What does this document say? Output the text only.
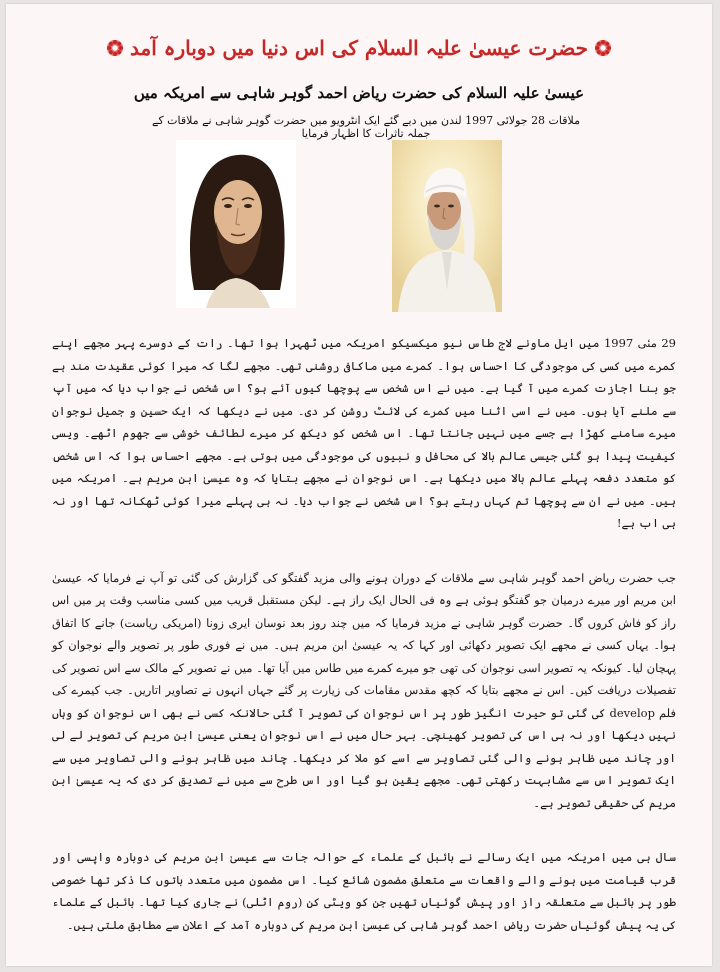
حضرت عیسیٰ علیہ السلام کی اس دنیا میں دوبارہ آمد
عیسیٰ علیہ السلام کی حضرت ریاض احمد گوہر شاہی سے امریکہ میں
ملاقات 28 جولائی 1997 لندن میں دیے گئے ایک انٹرویو میں حضرت گوہر شاہی نے ملاقات کے جملہ تاثرات کا اظہار فرمایا

29 مئی 1997 میں ایل ماونے لاج طاس نیو میکسیکو امریکہ میں ٹھہرا ہوا تھا۔ رات کے دوسرے پہر مجھے اپنے کمرے میں کسی کی موجودگی کا احساس ہوا۔ کمرے میں ماکافی روشنی تھی۔ مجھے لگا کہ میرا کوئی عقیدت مند ہے جو بنا اجازت کمرے میں آ گیا ہے۔ میں نے اس شخص سے پوچھا کیوں آئے ہو؟ اس شخص نے جواب دیا کہ میں آپ سے ملنے آیا ہوں۔ میں نے اسی اثنا میں کمرے کی لائٹ روشن کر دی۔ میں نے دیکھا کہ ایک حسین و جمیل نوجوان میرے سامنے کھڑا ہے جسے میں نہیں جانتا تھا۔ اس شخص کو دیکھ کر میرے لطائف خوشی سے جھوم اٹھے۔ ویسی کیفیت پیدا ہو گئی جیسی عالم بالا کی محافل و نبیوں کی موجودگی میں ہوتی ہے۔ مجھے احساس ہوا کہ اس شخص کو متعدد دفعہ پہلے عالم بالا میں دیکھا ہے۔ اس نوجوان نے مجھے بتایا کہ وہ عیسیٰ ابن مریم ہے۔ امریکہ میں ہیں۔ میں نے ان سے پوچھا تم کہاں رہتے ہو؟ اس شخص نے جواب دیا۔ نہ ہی پہلے میرا کوئی ٹھکانہ تھا اور نہ ہی اب ہے!

جب حضرت ریاض احمد گوہر شاہی سے ملاقات کے دوران ہونے والی مزید گفتگو کی گزارش کی گئی تو آپ نے فرمایا کہ عیسیٰ ابن مریم اور میرے درمیان جو گفتگو ہوئی ہے وہ فی الحال ایک راز ہے۔ لیکن مستقبل قریب میں کسی مناسب وقت پر میں اس راز کو فاش کروں گا۔ حضرت گوہر شاہی نے مزید فرمایا کہ میں چند روز بعد نوسان ایری زونا (امریکی ریاست) جانے کا اتفاق ہوا۔ یہاں کسی نے مجھے ایک تصویر دکھائی اور کہا کہ یہ عیسیٰ ابن مریم ہیں۔ میں نے فوری طور پر تصویر والے نوجوان کو پہچان لیا۔ کیونکہ یہ تصویر اسی نوجوان کی تھی جو میرے کمرے میں طاس میں آیا تھا۔ میں نے تصویر کے مالک سے اس تصویر کی تفصیلات دریافت کیں۔ اس نے مجھے بتایا کہ کچھ مقدس مقامات کی زیارت پر گئے جہاں انہوں نے تصاویر اتاریں۔ جب کیمرے کی فلم develop کی گئی تو حیرت انگیز طور پر اس نوجوان کی تصویر آ گئی حالانکہ کسی نے بھی اس نوجوان کو وہاں نہیں دیکھا اور نہ ہی اس کی تصویر کھینچی۔ بہر حال میں نے اس نوجوان یعنی عیسیٰ ابن مریم کی تصویر لے لی اور چاند میں ظاہر ہونے والی گئی تصاویر سے اسے کو ملا کر دیکھا۔ چاند میں ظاہر ہونے والی تصاویر میں سے ایک تصویر اس سے مشابہت رکھتی تھی۔ مجھے یقین ہو گیا اور اس طرح سے میں نے تصدیق کر دی کہ یہ عیسیٰ ابن مریم کی حقیقی تصویر ہے۔

سال ہی میں امریکہ میں ایک رسالے نے بائبل کے علماء کے حوالہ جات سے عیسیٰ ابن مریم کی دوبارہ واپسی اور قرب قیامت میں ہونے والے واقعات سے متعلق مضمون شائع کیا۔ اس مضمون میں متعدد باتوں کا ذکر تھا خصوصی طور پر بائبل سے متعلقہ راز اور پیش گوئیاں تھیں جن کو ویٹی کن (روم اٹلی) نے جاری کیا تھا۔ بائبل کے علماء کی یہ پیش گوئیاں حضرت ریاض احمد گوہر شاہی کی عیسیٰ ابن مریم کی دوبارہ آمد کے اعلان سے مطابق ملتی ہیں۔
